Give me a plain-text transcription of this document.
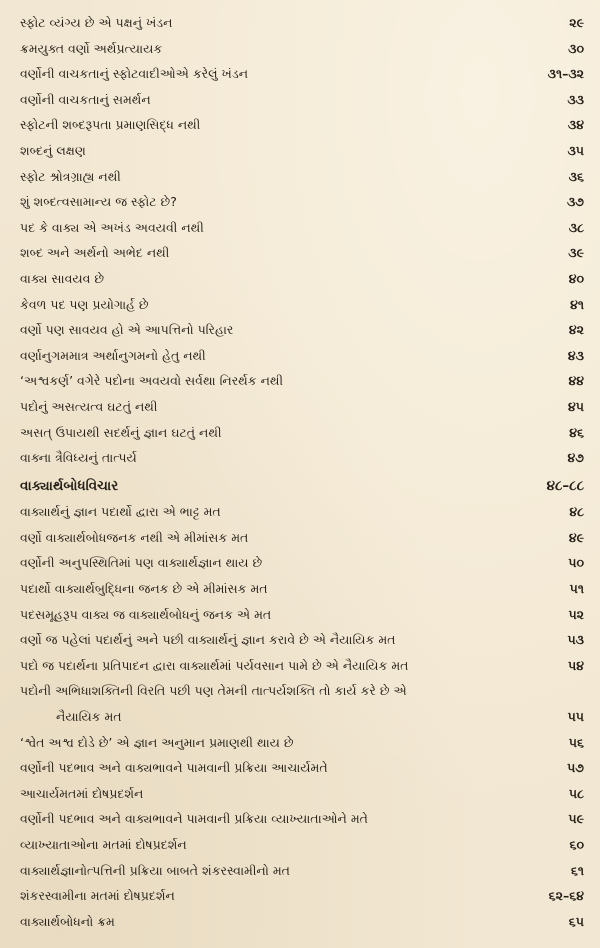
સ્ફોટ વ્યંગ્ય છે એ પક્ષનું ખંડન	૨૯
ક્રમયુક્ત વર્ણો અર્થપ્રત્યાયક	૩૦
વર્ણોની વાચકતાનું સ્ફોટવાદીઓએ કરેલું ખંડન	૩૧–૩૨
વર્ણોની વાચકતાનું સમર્થન	૩૩
સ્ફોટની શબ્દરૂપતા પ્રમાણસિદ્ધ નથી	૩૪
શબ્દનું લક્ષણ	૩૫
સ્ફોટ શ્રોત્રગ્રાહ્ય નથી	૩૬
શું શબ્દત્વસામાન્ય જ સ્ફોટ છે?	૩૭
પદ કે વાક્ય એ અખંડ અવયવી નથી	૩૮
શબ્દ અને અર્થનો અભેદ નથી	૩૯
વાક્ય સાવયવ છે	૪૦
કેવળ પદ પણ પ્રયોગાર્હ છે	૪૧
વર્ણો પણ સાવયવ હો એ આપત્તિનો પરિહાર	૪૨
વર્ણાનુગમમાત્ર અર્થાનુગમનો હેતુ નથી	૪૩
‘અશ્વકર્ણ’ વગેરે પદોના અવયવો સર્વથા નિરર્થક નથી	૪૪
પદોનું અસત્યત્વ ઘટતું નથી	૪૫
અસત્ ઉપાયથી સદર્થનું જ્ઞાન ઘટતું નથી	૪૬
વાક્ના ત્રૈવિધ્યનું તાત્પર્ય	૪૭
વાક્યાર્થબોધવિચાર	૪૮–૮૮
વાક્યાર્થનું જ્ઞાન પદાર્થો દ્વારા એ ભાટ્ટ મત	૪૮
વર્ણો વાક્યાર્થબોધજનક નથી એ મીમાંસક મત	૪૯
વર્ણોની અનુપસ્થિતિમાં પણ વાક્યાર્થજ્ઞાન થાય છે	૫૦
પદાર્થો વાક્યાર્થબુદ્ધિના જનક છે એ મીમાંસક મત	૫૧
પદસમૂહરૂપ વાક્ય જ વાક્યાર્થબોધનું જનક એ મત	૫૨
વર્ણો જ પહેલાં પદાર્થનું અને પછી વાક્યાર્થનું જ્ઞાન કરાવે છે એ નૈયાયિક મત	૫૩
પદો જ પદાર્થના પ્રતિપાદન દ્વારા વાક્યાર્થમાં પર્યવસાન પામે છે એ નૈયાયિક મત	૫૪
પદોની અભિધાશક્તિની વિરતિ પછી પણ તેમની તાત્પર્યશક્તિ તો કાર્ય કરે છે એ
નૈયાયિક મત	૫૫
‘શ્વેત અશ્વ દોડે છે’ એ જ્ઞાન અનુમાન પ્રમાણથી થાય છે	૫૬
વર્ણોની પદભાવ અને વાક્યભાવને પામવાની પ્રક્રિયા આચાર્યમતે	૫૭
આચાર્યમતમાં દોષપ્રદર્શન	૫૮
વર્ણોની પદભાવ અને વાક્યભાવને પામવાની પ્રક્રિયા વ્યાખ્યાતાઓને મતે	૫૯
વ્યાખ્યાતાઓના મતમાં દોષપ્રદર્શન	૬૦
વાક્યાર્થજ્ઞાનોત્પત્તિની પ્રક્રિયા બાબતે શંકરસ્વામીનો મત	૬૧
શંકરસ્વામીના મતમાં દોષપ્રદર્શન	૬૨–૬૪
વાક્યાર્થબોધનો ક્રમ	૬૫
